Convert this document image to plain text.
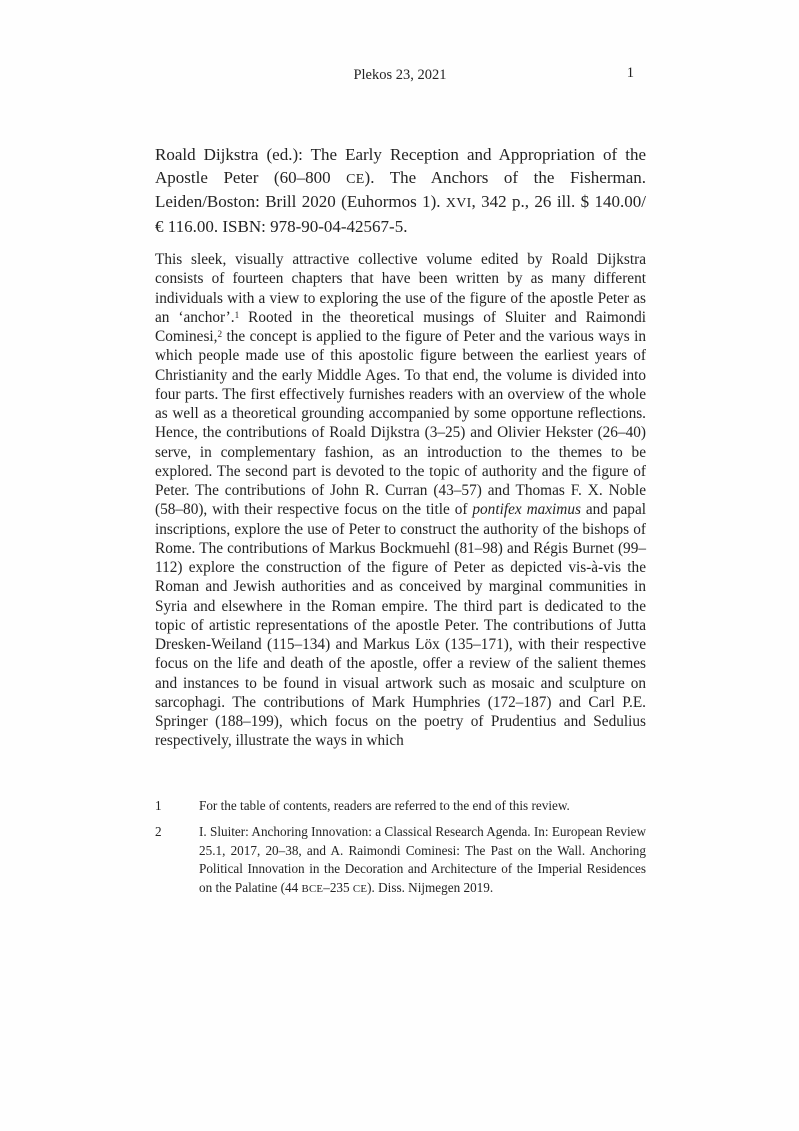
Plekos 23, 2021	1
Roald Dijkstra (ed.): The Early Reception and Appropriation of the Apostle Peter (60–800 CE). The Anchors of the Fisherman. Leiden/Boston: Brill 2020 (Euhormos 1). XVI, 342 p., 26 ill. $ 140.00/ € 116.00. ISBN: 978-90-04-42567-5.
This sleek, visually attractive collective volume edited by Roald Dijkstra consists of fourteen chapters that have been written by as many different individuals with a view to exploring the use of the figure of the apostle Peter as an ‘anchor’.$^1$ Rooted in the theoretical musings of Sluiter and Raimondi Cominesi,$^2$ the concept is applied to the figure of Peter and the various ways in which people made use of this apostolic figure between the earliest years of Christianity and the early Middle Ages. To that end, the volume is divided into four parts. The first effectively furnishes readers with an overview of the whole as well as a theoretical grounding accompanied by some opportune reflections. Hence, the contributions of Roald Dijkstra (3–25) and Olivier Hekster (26–40) serve, in complementary fashion, as an introduction to the themes to be explored. The second part is devoted to the topic of authority and the figure of Peter. The contributions of John R. Curran (43–57) and Thomas F. X. Noble (58–80), with their respective focus on the title of pontifex maximus and papal inscriptions, explore the use of Peter to construct the authority of the bishops of Rome. The contributions of Markus Bockmuehl (81–98) and Régis Burnet (99–112) explore the construction of the figure of Peter as depicted vis-à-vis the Roman and Jewish authorities and as conceived by marginal communities in Syria and elsewhere in the Roman empire. The third part is dedicated to the topic of artistic representations of the apostle Peter. The contributions of Jutta Dresken-Weiland (115–134) and Markus Löx (135–171), with their respective focus on the life and death of the apostle, offer a review of the salient themes and instances to be found in visual artwork such as mosaic and sculpture on sarcophagi. The contributions of Mark Humphries (172–187) and Carl P.E. Springer (188–199), which focus on the poetry of Prudentius and Sedulius respectively, illustrate the ways in which
1	For the table of contents, readers are referred to the end of this review.
2	I. Sluiter: Anchoring Innovation: a Classical Research Agenda. In: European Review 25.1, 2017, 20–38, and A. Raimondi Cominesi: The Past on the Wall. Anchoring Political Innovation in the Decoration and Architecture of the Imperial Residences on the Palatine (44 BCE–235 CE). Diss. Nijmegen 2019.
